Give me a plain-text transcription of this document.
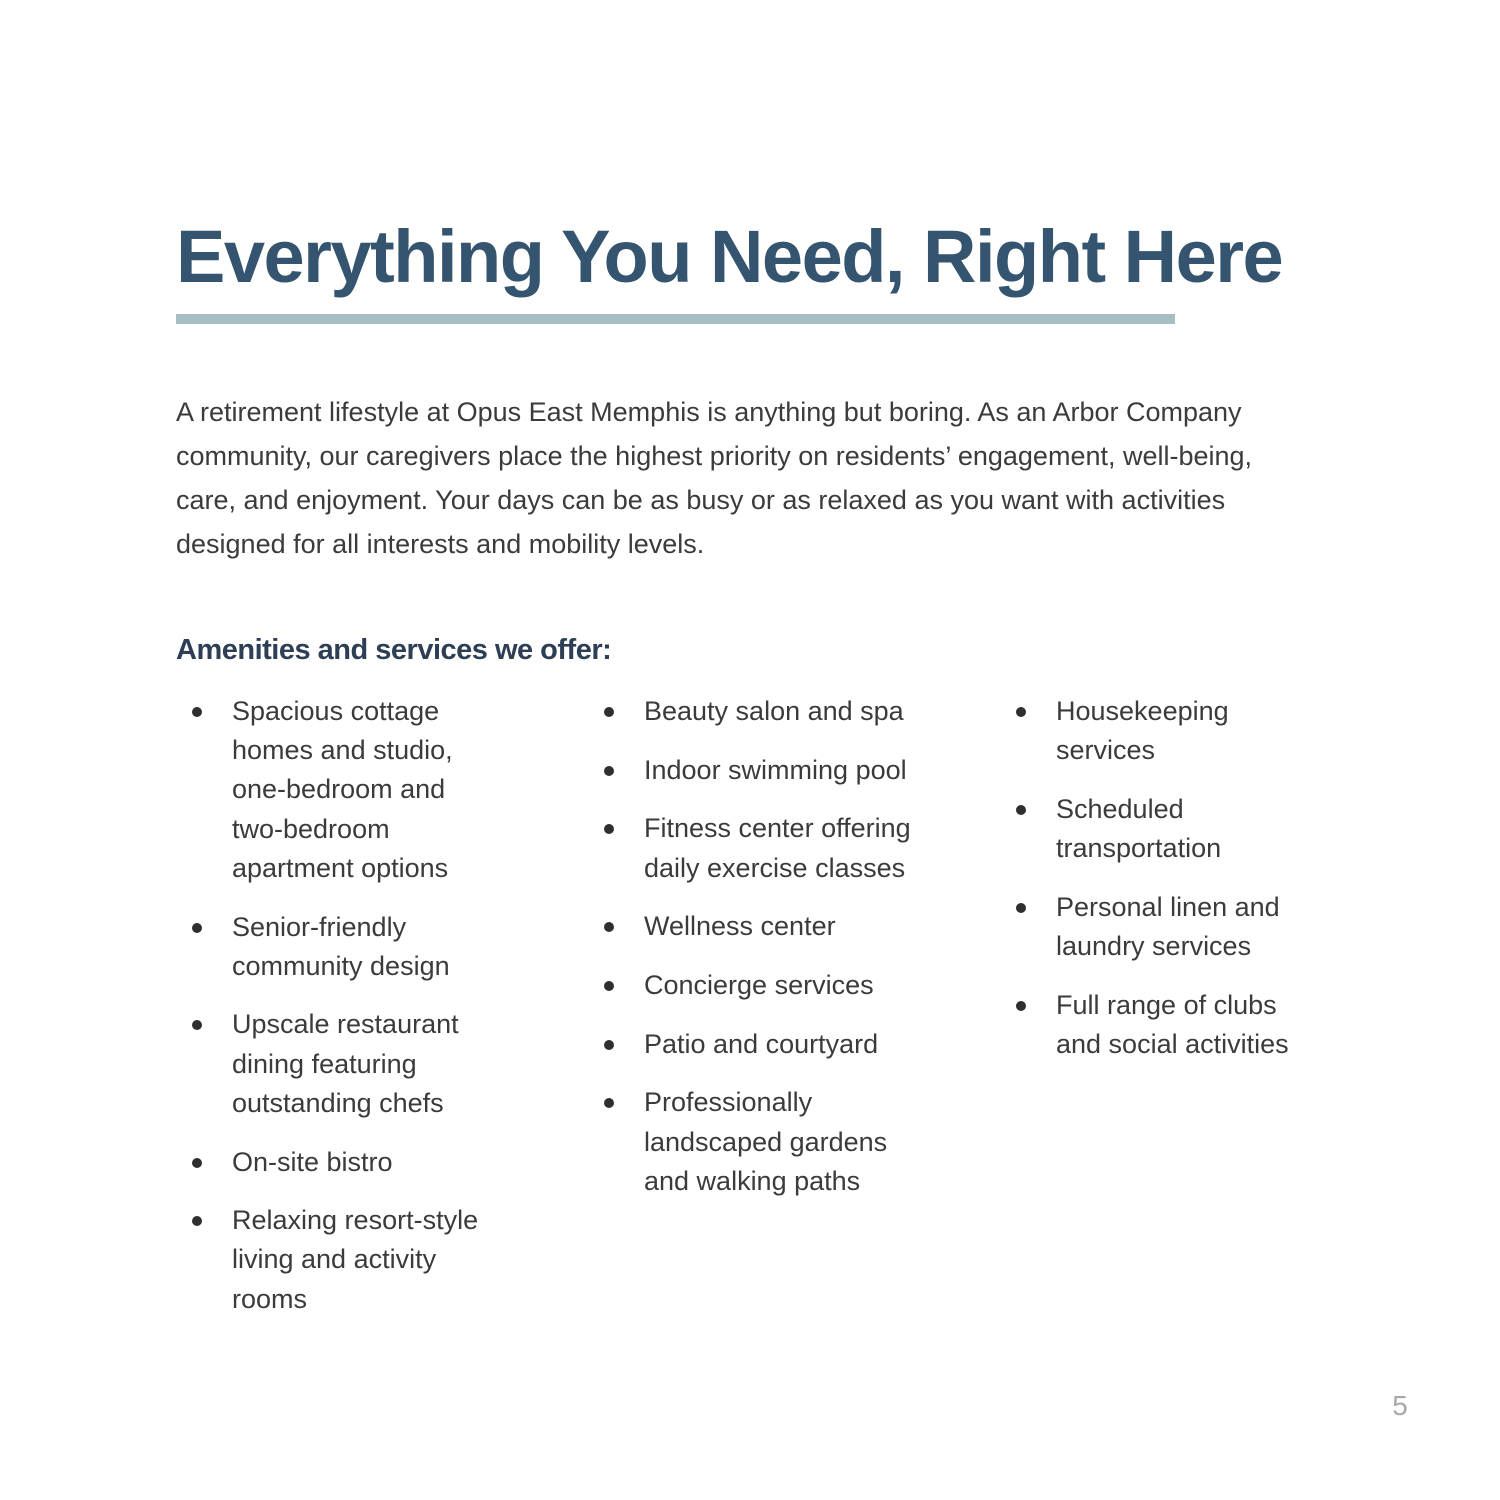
Everything You Need, Right Here

A retirement lifestyle at Opus East Memphis is anything but boring. As an Arbor Company community, our caregivers place the highest priority on residents’ engagement, well-being, care, and enjoyment. Your days can be as busy or as relaxed as you want with activities designed for all interests and mobility levels.

Amenities and services we offer:
Spacious cottage homes and studio, one-bedroom and two-bedroom apartment options
Senior-friendly community design
Upscale restaurant dining featuring outstanding chefs
On-site bistro
Relaxing resort-style living and activity rooms
Beauty salon and spa
Indoor swimming pool
Fitness center offering daily exercise classes
Wellness center
Concierge services
Patio and courtyard
Professionally landscaped gardens and walking paths
Housekeeping services
Scheduled transportation
Personal linen and laundry services
Full range of clubs and social activities
5
